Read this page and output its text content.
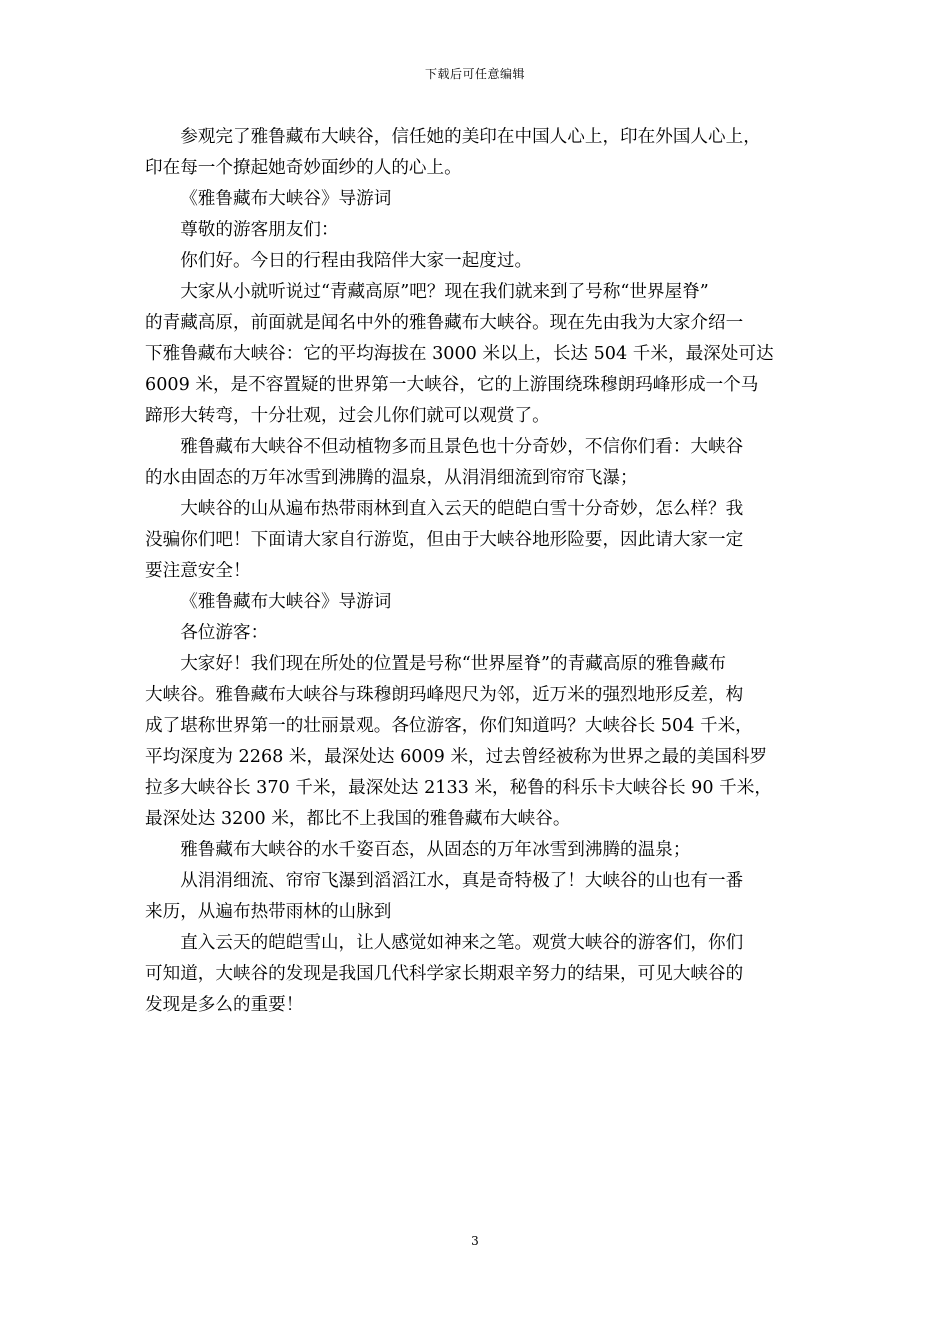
下载后可任意编辑

参观完了雅鲁藏布大峡谷，信任她的美印在中国人心上，印在外国人心上，
印在每一个撩起她奇妙面纱的人的心上。

《雅鲁藏布大峡谷》导游词

尊敬的游客朋友们：

你们好。今日的行程由我陪伴大家一起度过。

大家从小就听说过“青藏高原”吧？现在我们就来到了号称“世界屋脊”
的青藏高原，前面就是闻名中外的雅鲁藏布大峡谷。现在先由我为大家介绍一
下雅鲁藏布大峡谷：它的平均海拔在 3000 米以上，长达 504 千米，最深处可达
6009 米，是不容置疑的世界第一大峡谷，它的上游围绕珠穆朗玛峰形成一个马
蹄形大转弯，十分壮观，过会儿你们就可以观赏了。

雅鲁藏布大峡谷不但动植物多而且景色也十分奇妙，不信你们看：大峡谷
的水由固态的万年冰雪到沸腾的温泉，从涓涓细流到帘帘飞瀑；

大峡谷的山从遍布热带雨林到直入云天的皑皑白雪十分奇妙，怎么样？我
没骗你们吧！下面请大家自行游览，但由于大峡谷地形险要，因此请大家一定
要注意安全！

《雅鲁藏布大峡谷》导游词

各位游客：

大家好！我们现在所处的位置是号称“世界屋脊”的青藏高原的雅鲁藏布
大峡谷。雅鲁藏布大峡谷与珠穆朗玛峰咫尺为邻，近万米的强烈地形反差，构
成了堪称世界第一的壮丽景观。各位游客，你们知道吗？大峡谷长 504 千米，
平均深度为 2268 米，最深处达 6009 米，过去曾经被称为世界之最的美国科罗
拉多大峡谷长 370 千米，最深处达 2133 米，秘鲁的科乐卡大峡谷长 90 千米，
最深处达 3200 米，都比不上我国的雅鲁藏布大峡谷。

雅鲁藏布大峡谷的水千姿百态，从固态的万年冰雪到沸腾的温泉；

从涓涓细流、帘帘飞瀑到滔滔江水，真是奇特极了！大峡谷的山也有一番
来历，从遍布热带雨林的山脉到

直入云天的皑皑雪山，让人感觉如神来之笔。观赏大峡谷的游客们，你们
可知道，大峡谷的发现是我国几代科学家长期艰辛努力的结果，可见大峡谷的
发现是多么的重要！

3
